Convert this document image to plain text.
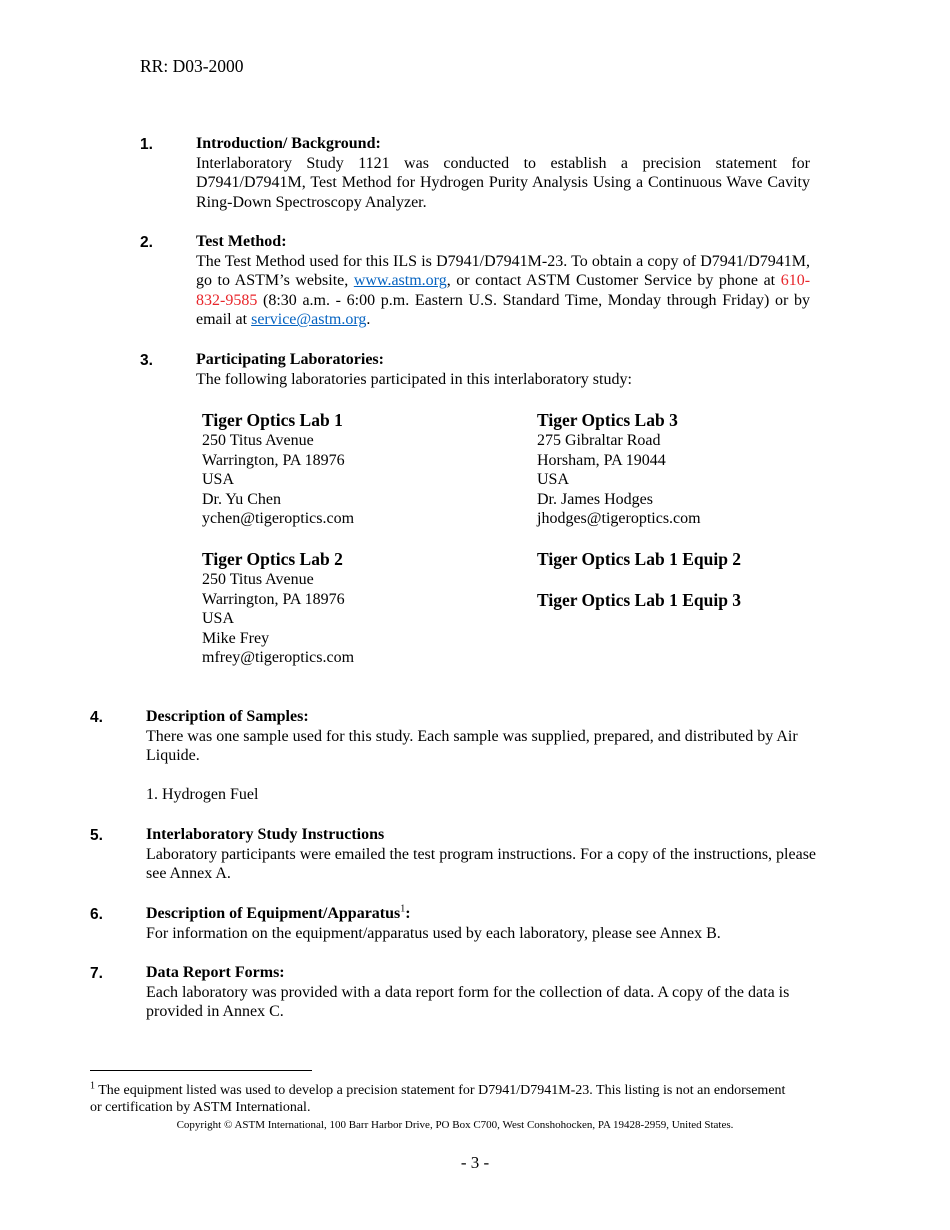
RR: D03-2000
1.	Introduction/ Background:
Interlaboratory Study 1121 was conducted to establish a precision statement for D7941/D7941M, Test Method for Hydrogen Purity Analysis Using a Continuous Wave Cavity Ring-Down Spectroscopy Analyzer.
2.	Test Method:
The Test Method used for this ILS is D7941/D7941M-23. To obtain a copy of D7941/D7941M, go to ASTM’s website, www.astm.org, or contact ASTM Customer Service by phone at 610-832-9585 (8:30 a.m. - 6:00 p.m. Eastern U.S. Standard Time, Monday through Friday) or by email at service@astm.org.
3.	Participating Laboratories:
The following laboratories participated in this interlaboratory study:
Tiger Optics Lab 1
250 Titus Avenue
Warrington, PA 18976
USA
Dr. Yu Chen
ychen@tigeroptics.com
Tiger Optics Lab 3
275 Gibraltar Road
Horsham, PA 19044
USA
Dr. James Hodges
jhodges@tigeroptics.com
Tiger Optics Lab 2
250 Titus Avenue
Warrington, PA 18976
USA
Mike Frey
mfrey@tigeroptics.com
Tiger Optics Lab 1 Equip 2
Tiger Optics Lab 1 Equip 3
4.	Description of Samples:
There was one sample used for this study. Each sample was supplied, prepared, and distributed by Air Liquide.
1. Hydrogen Fuel
5.	Interlaboratory Study Instructions
Laboratory participants were emailed the test program instructions. For a copy of the instructions, please see Annex A.
6.	Description of Equipment/Apparatus$^1$:
For information on the equipment/apparatus used by each laboratory, please see Annex B.
7.	Data Report Forms:
Each laboratory was provided with a data report form for the collection of data. A copy of the data is provided in Annex C.
$^1$ The equipment listed was used to develop a precision statement for D7941/D7941M-23. This listing is not an endorsement or certification by ASTM International.
Copyright © ASTM International, 100 Barr Harbor Drive, PO Box C700, West Conshohocken, PA 19428-2959, United States.
- 3 -
